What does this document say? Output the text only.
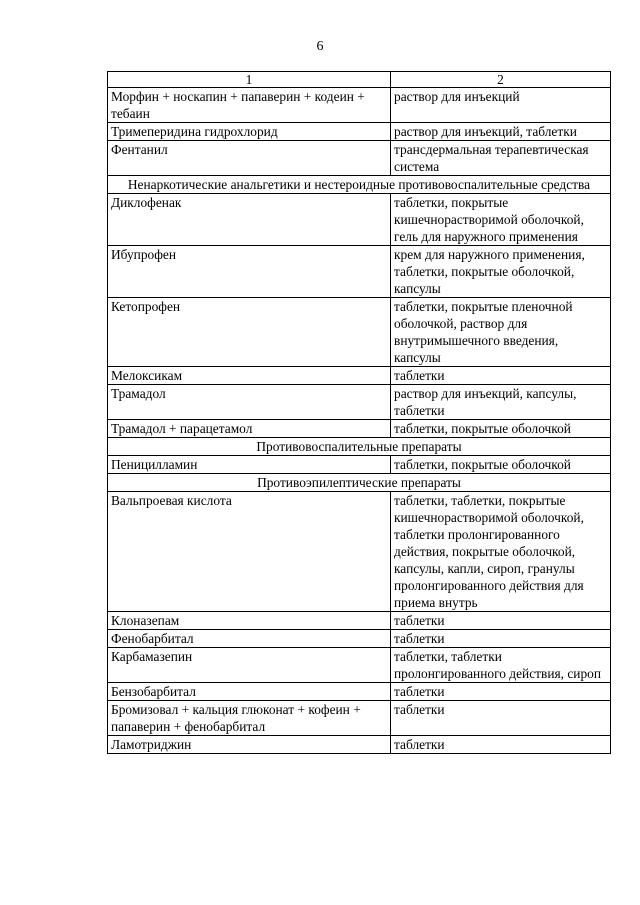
6
1	2
Морфин + носкапин + папаверин + кодеин + тебаин	раствор для инъекций
Тримеперидина гидрохлорид	раствор для инъекций, таблетки
Фентанил	трансдермальная терапевтическая система
Ненаркотические анальгетики и нестероидные противовоспалительные средства	
Диклофенак	таблетки, покрытые кишечнорастворимой оболочкой, гель для наружного применения
Ибупрофен	крем для наружного применения, таблетки, покрытые оболочкой, капсулы
Кетопрофен	таблетки, покрытые пленочной оболочкой, раствор для внутримышечного введения, капсулы
Мелоксикам	таблетки
Трамадол	раствор для инъекций, капсулы, таблетки
Трамадол + парацетамол	таблетки, покрытые оболочкой
Противовоспалительные препараты	
Пеницилламин	таблетки, покрытые оболочкой
Противоэпилептические препараты	
Вальпроевая кислота	таблетки, таблетки, покрытые кишечнорастворимой оболочкой, таблетки пролонгированного действия, покрытые оболочкой, капсулы, капли, сироп, гранулы пролонгированного действия для приема внутрь
Клоназепам	таблетки
Фенобарбитал	таблетки
Карбамазепин	таблетки, таблетки пролонгированного действия, сироп
Бензобарбитал	таблетки
Бромизовал + кальция глюконат + кофеин + папаверин + фенобарбитал	таблетки
Ламотриджин	таблетки
